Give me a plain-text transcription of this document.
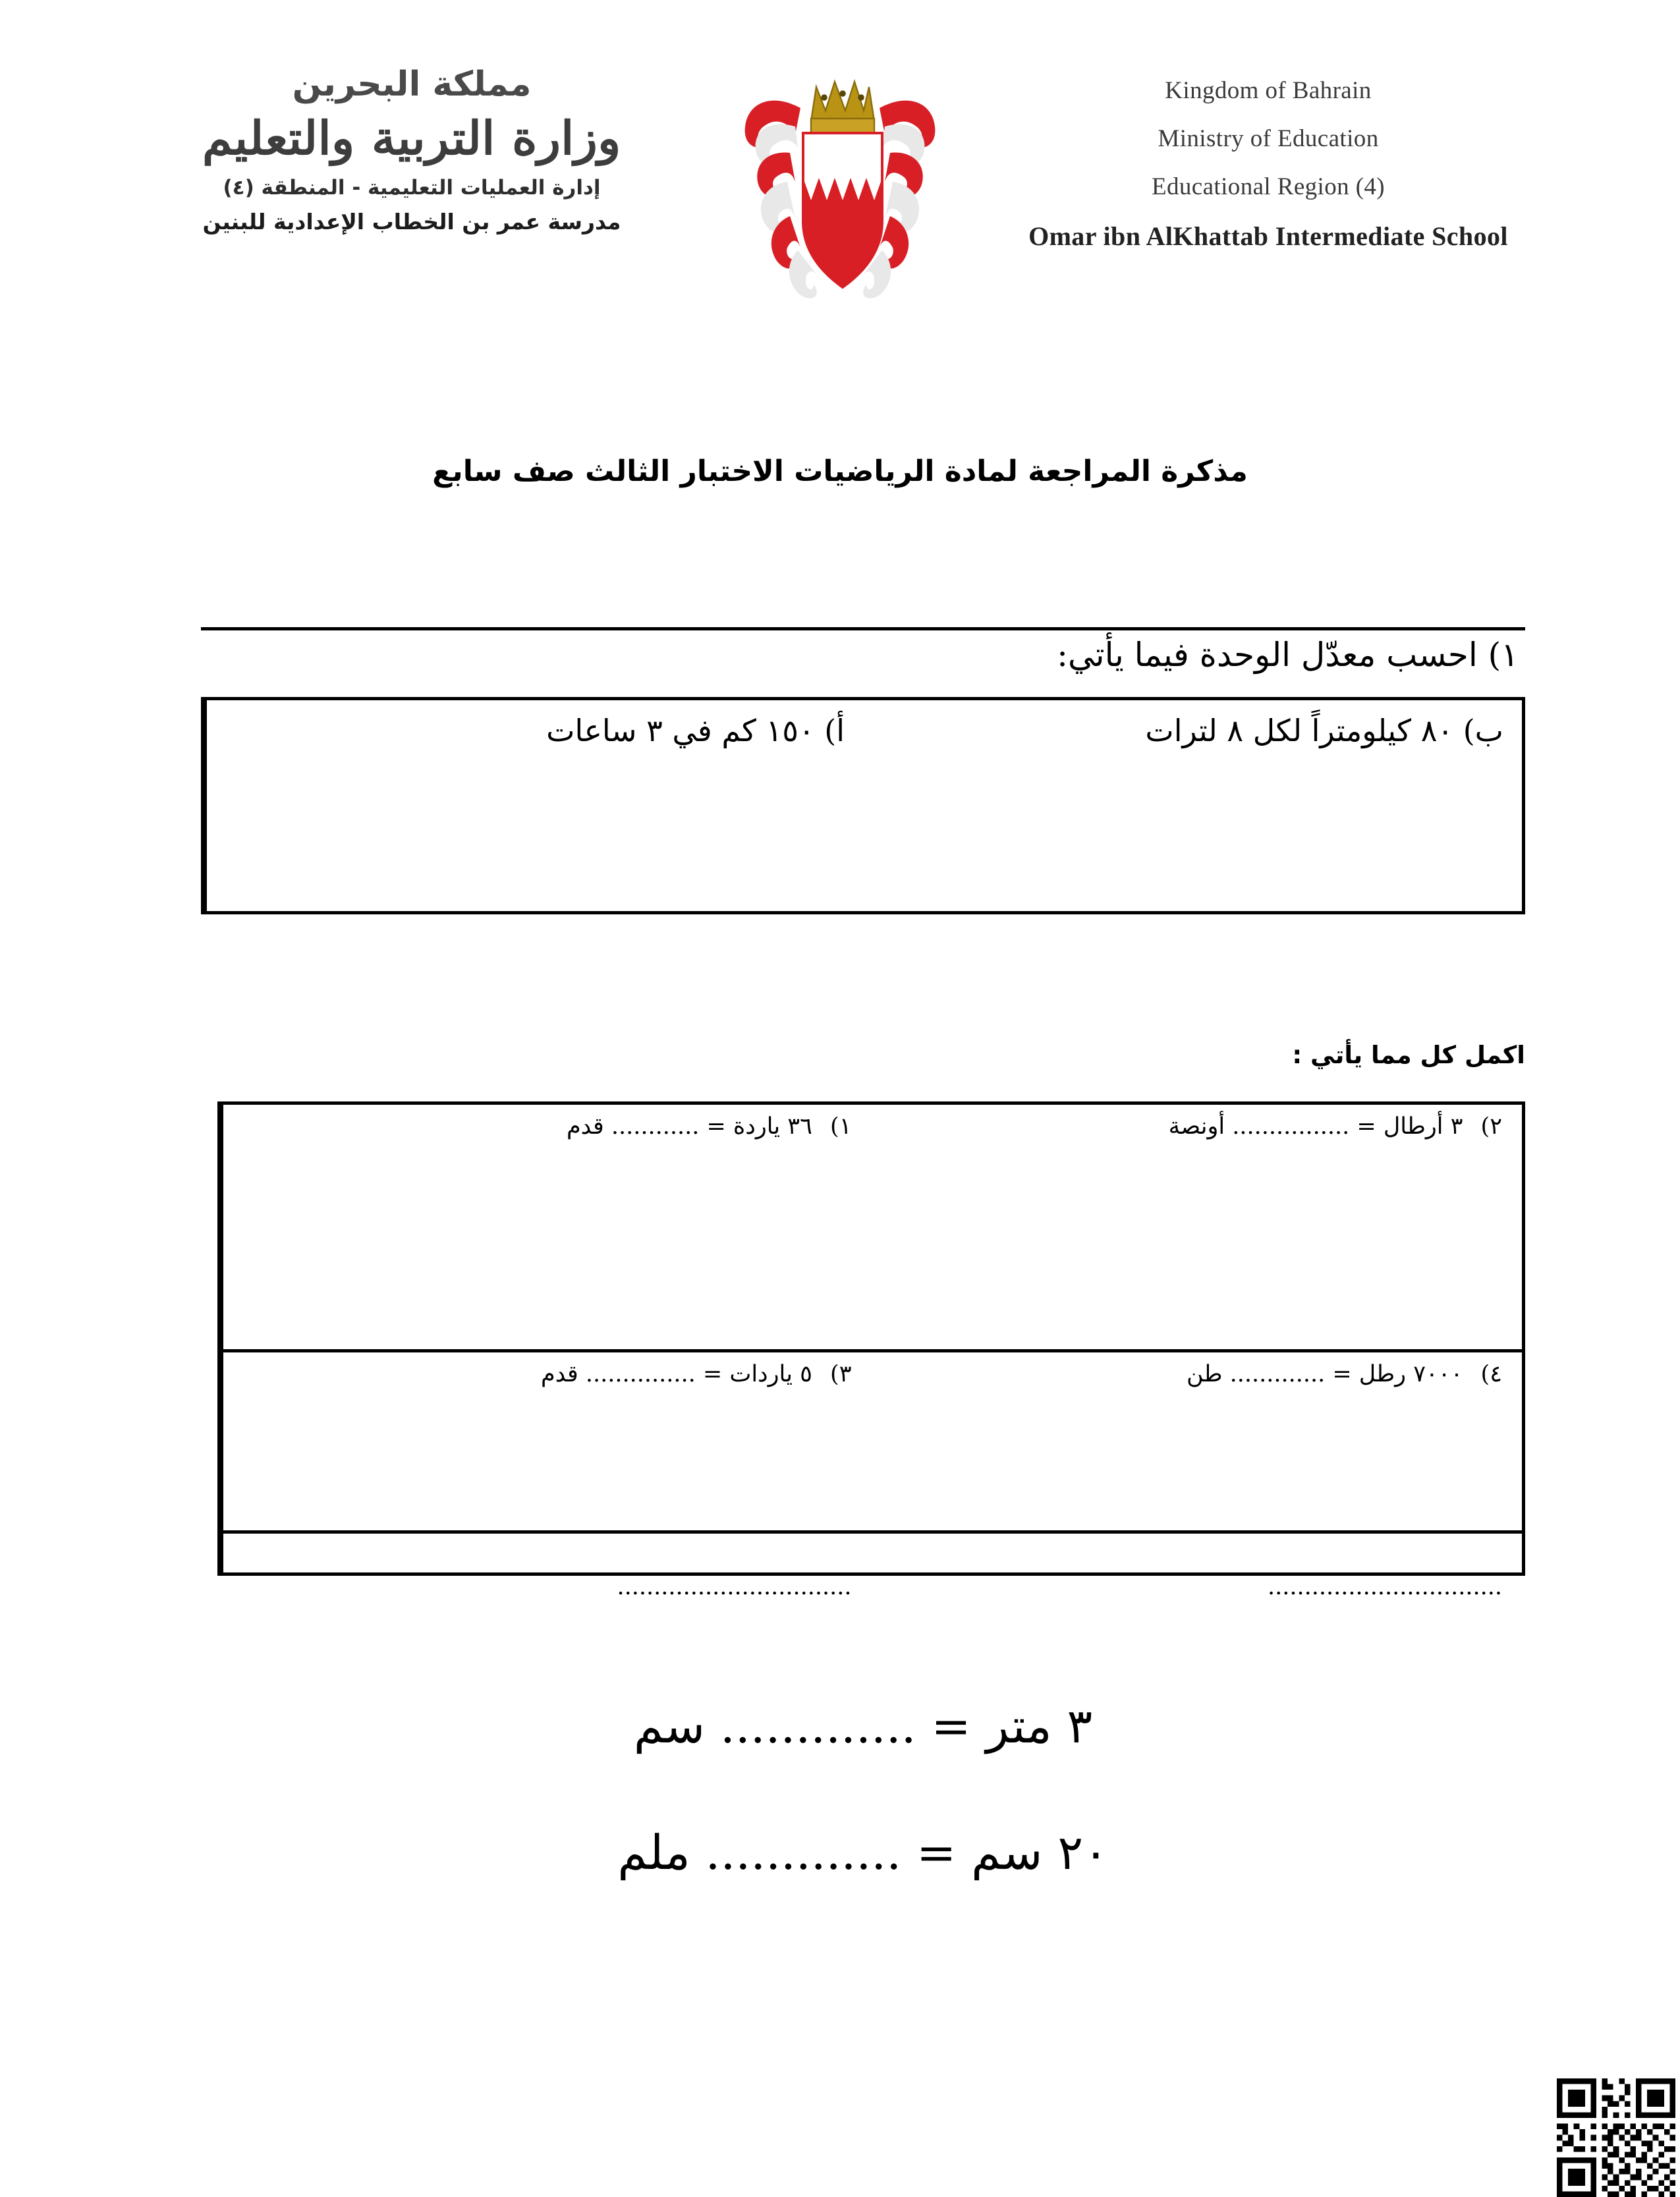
مملكة البحرين
وزارة التربية والتعليم
إدارة العمليات التعليمية - المنطقة (٤)
مدرسة عمر بن الخطاب الإعدادية للبنين
Kingdom of Bahrain
Ministry of Education
Educational Region (4)
Omar ibn AlKhattab Intermediate School
مذكرة المراجعة لمادة الرياضيات الاختبار الثالث صف سابع
١) احسب معدّل الوحدة فيما يأتي:
ب) ٨٠ كيلومتراً لكل ٨ لترات
أ) ١٥٠ كم في ٣ ساعات
اكمل كل مما يأتي :
٢) ٣ أرطال = ................ أونصة
١) ٣٦ ياردة = ............ قدم
٤) ٧٠٠٠ رطل = ............. طن
٣) ٥ ياردات = ............... قدم
................................
................................
٣ متر = ............. سم
٢٠ سم = ............. ملم
